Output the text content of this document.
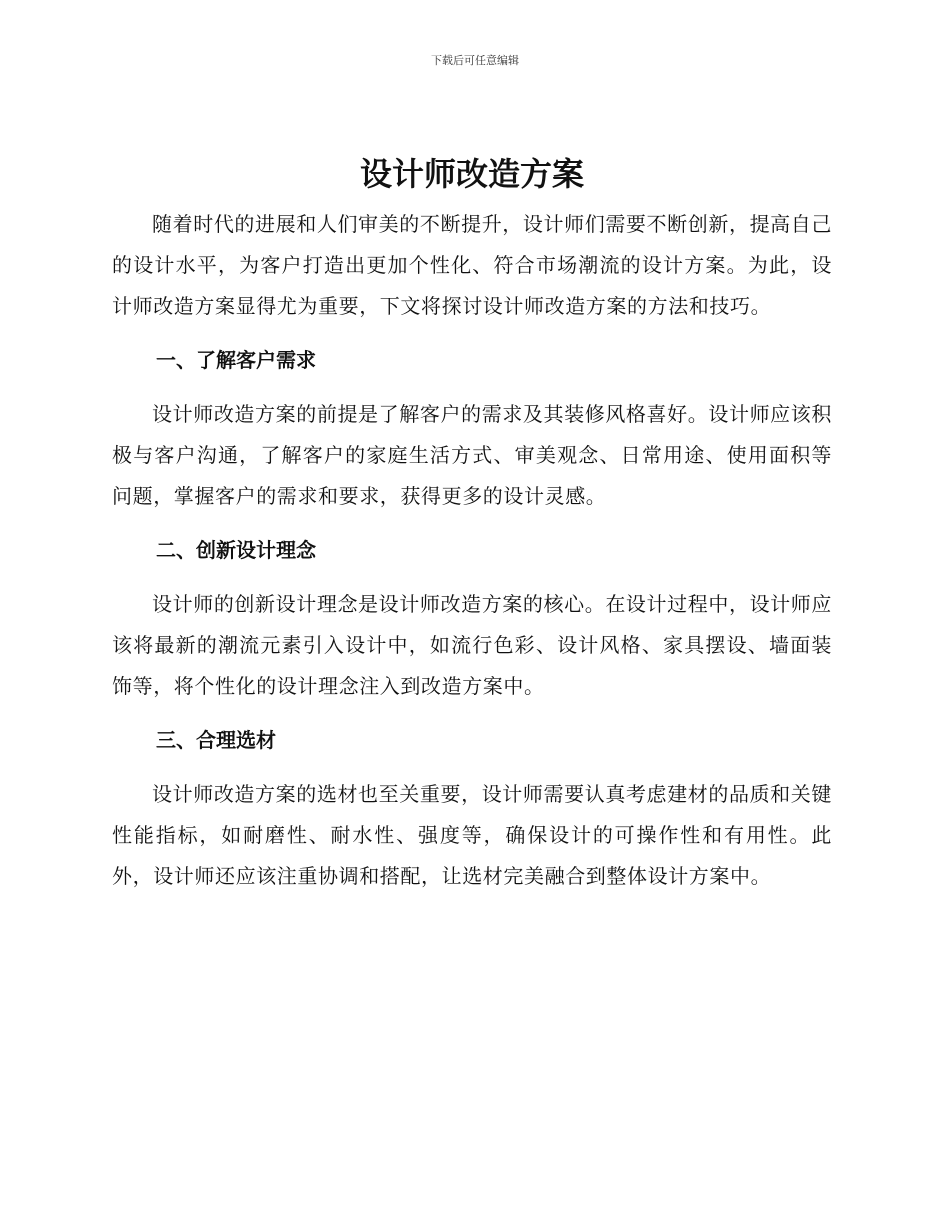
下载后可任意编辑
设计师改造方案

随着时代的进展和人们审美的不断提升，设计师们需要不断创新，提高自己的设计水平，为客户打造出更加个性化、符合市场潮流的设计方案。为此，设计师改造方案显得尤为重要，下文将探讨设计师改造方案的方法和技巧。

一、了解客户需求

设计师改造方案的前提是了解客户的需求及其装修风格喜好。设计师应该积极与客户沟通，了解客户的家庭生活方式、审美观念、日常用途、使用面积等问题，掌握客户的需求和要求，获得更多的设计灵感。

二、创新设计理念

设计师的创新设计理念是设计师改造方案的核心。在设计过程中，设计师应该将最新的潮流元素引入设计中，如流行色彩、设计风格、家具摆设、墙面装饰等，将个性化的设计理念注入到改造方案中。

三、合理选材

设计师改造方案的选材也至关重要，设计师需要认真考虑建材的品质和关键性能指标，如耐磨性、耐水性、强度等，确保设计的可操作性和有用性。此外，设计师还应该注重协调和搭配，让选材完美融合到整体设计方案中。
